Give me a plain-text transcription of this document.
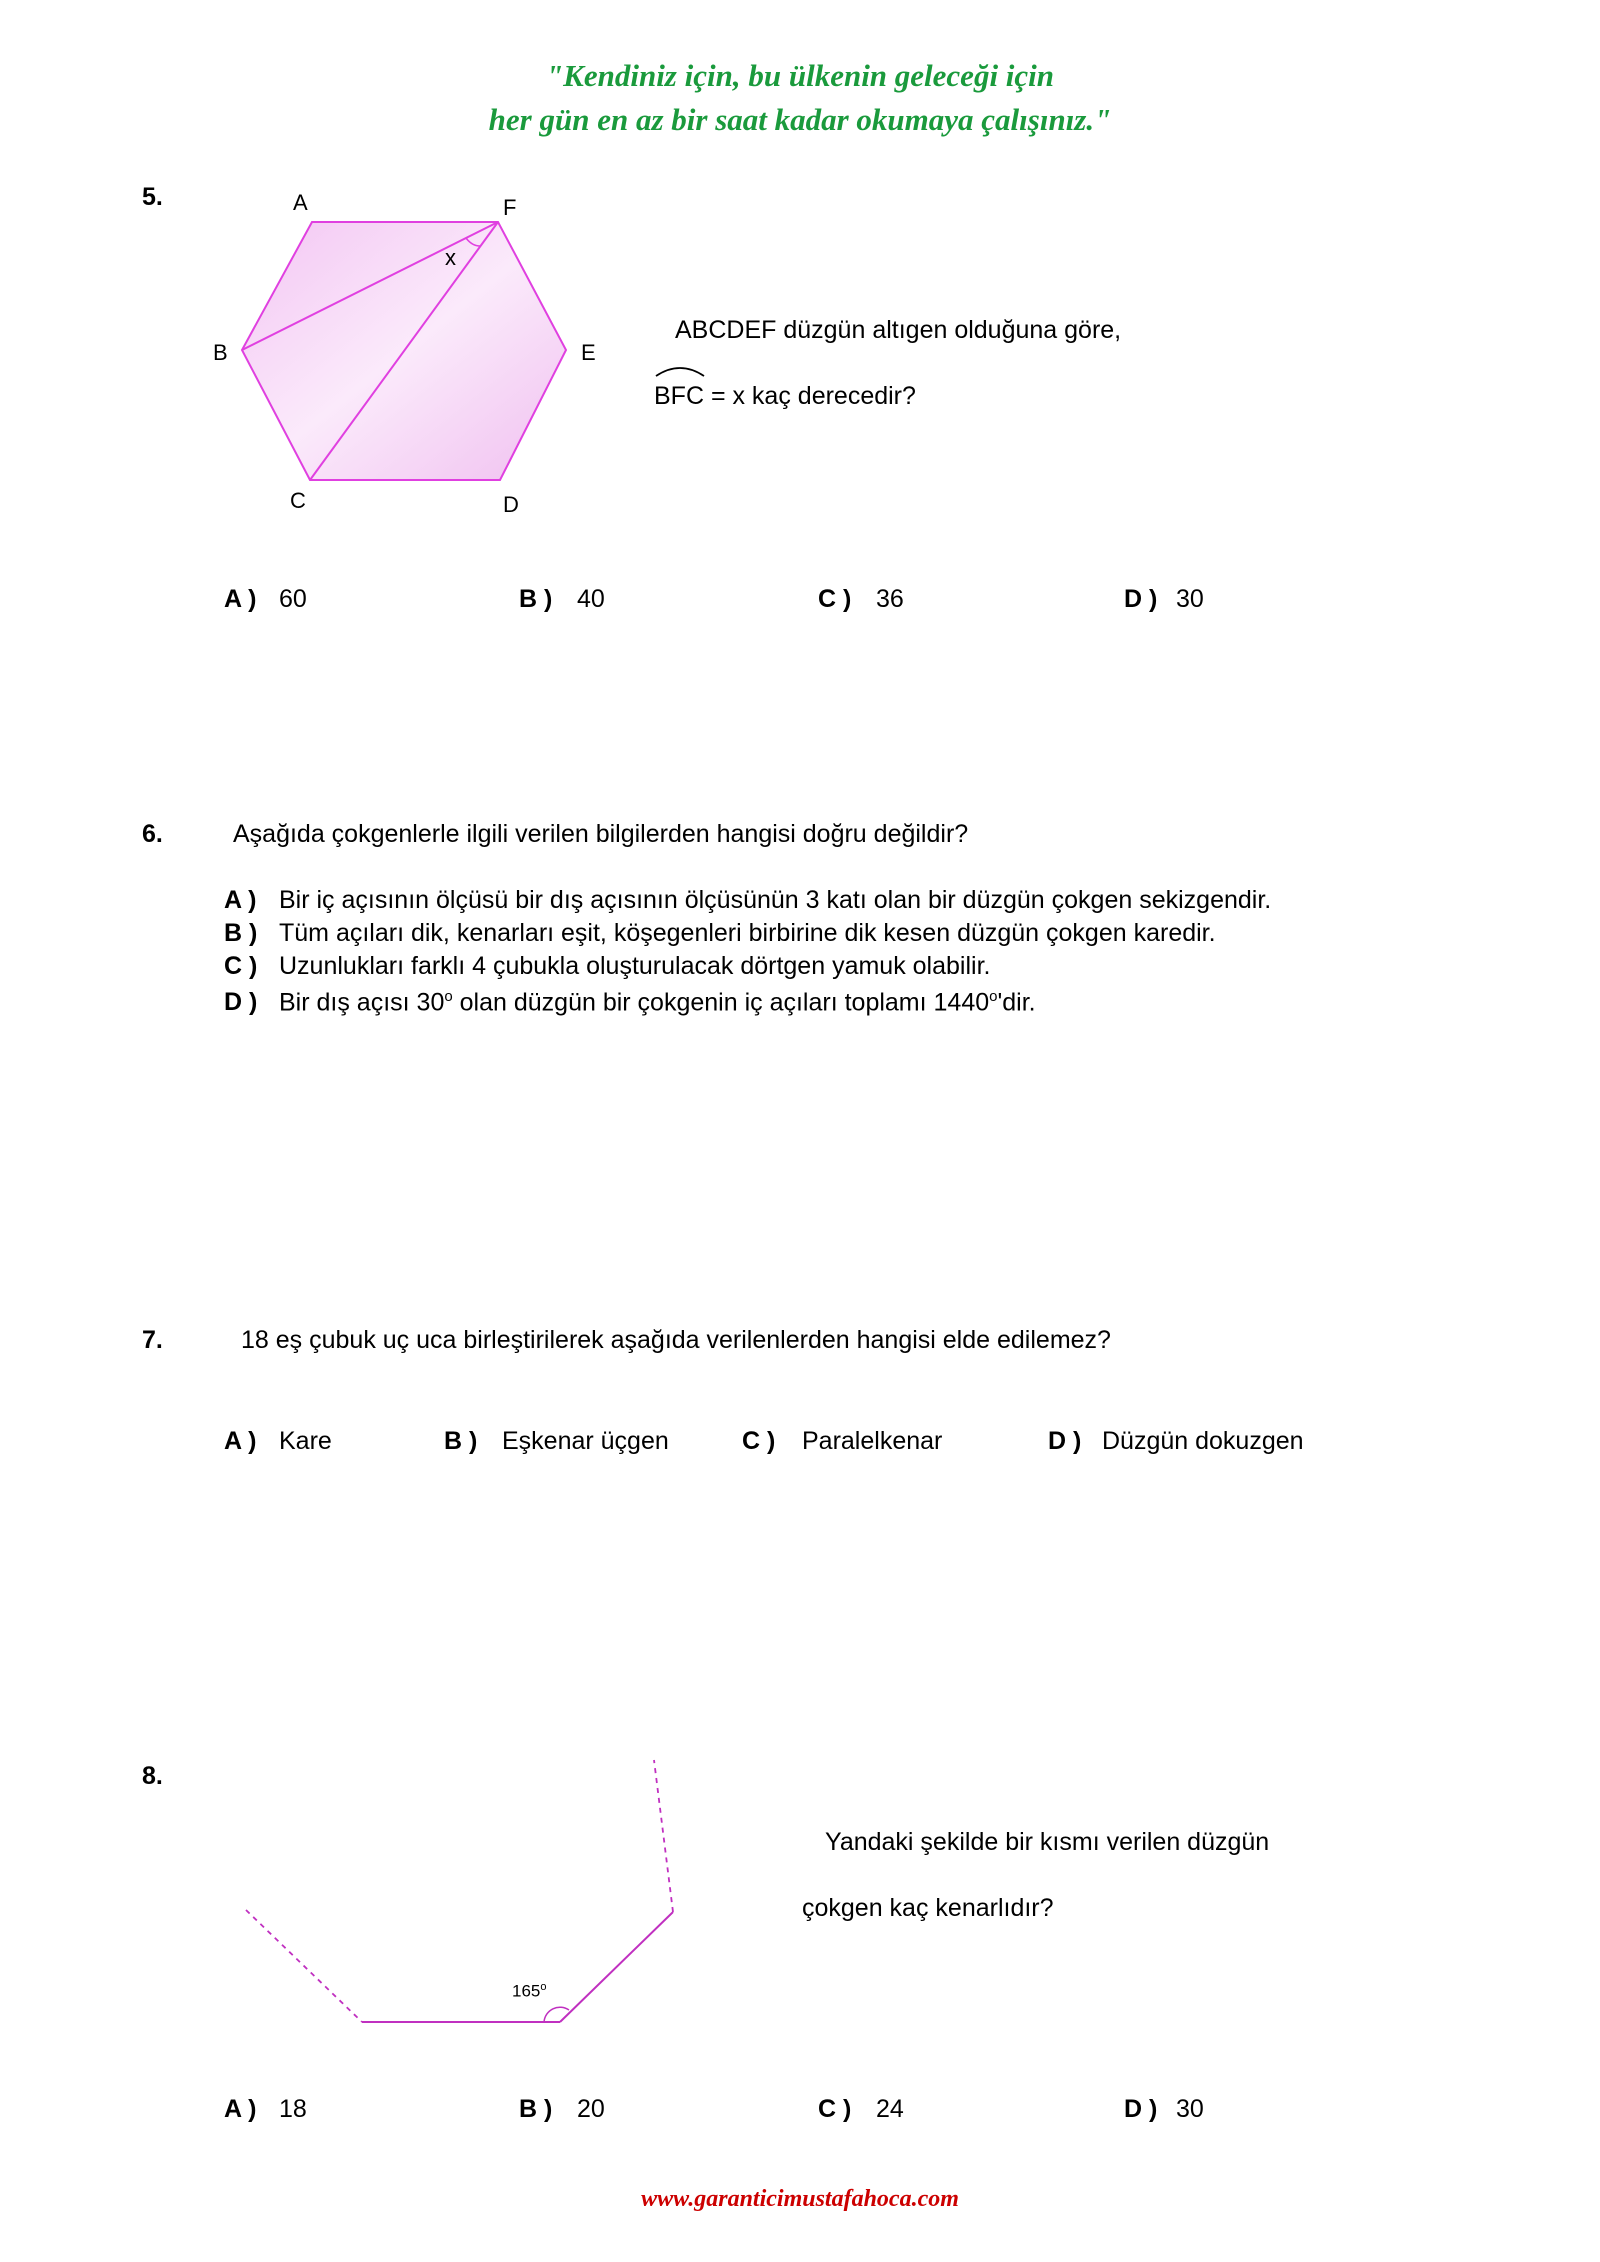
"Kendiniz için, bu ülkenin geleceği için
her gün en az bir saat kadar okumaya çalışınız."
5.	A	F
x
B	E
C	D
ABCDEF düzgün altıgen olduğuna göre,
BFC = x kaç derecedir?
A ) 60	B ) 40	C ) 36	D ) 30
6.	Aşağıda çokgenlerle ilgili verilen bilgilerden hangisi doğru değildir?
A ) Bir iç açısının ölçüsü bir dış açısının ölçüsünün 3 katı olan bir düzgün çokgen sekizgendir.
B ) Tüm açıları dik, kenarları eşit, köşegenleri birbirine dik kesen düzgün çokgen karedir.
C ) Uzunlukları farklı 4 çubukla oluşturulacak dörtgen yamuk olabilir.
D ) Bir dış açısı 30$^o$ olan düzgün bir çokgenin iç açıları toplamı 1440$^o$'dir.
7.	18 eş çubuk uç uca birleştirilerek aşağıda verilenlerden hangisi elde edilemez?
A ) Kare	B ) Eşkenar üçgen	C ) Paralelkenar	D ) Düzgün dokuzgen
8.
165$^o$
Yandaki şekilde bir kısmı verilen düzgün
çokgen kaç kenarlıdır?
A ) 18	B ) 20	C ) 24	D ) 30
www.garanticimustafahoca.com
